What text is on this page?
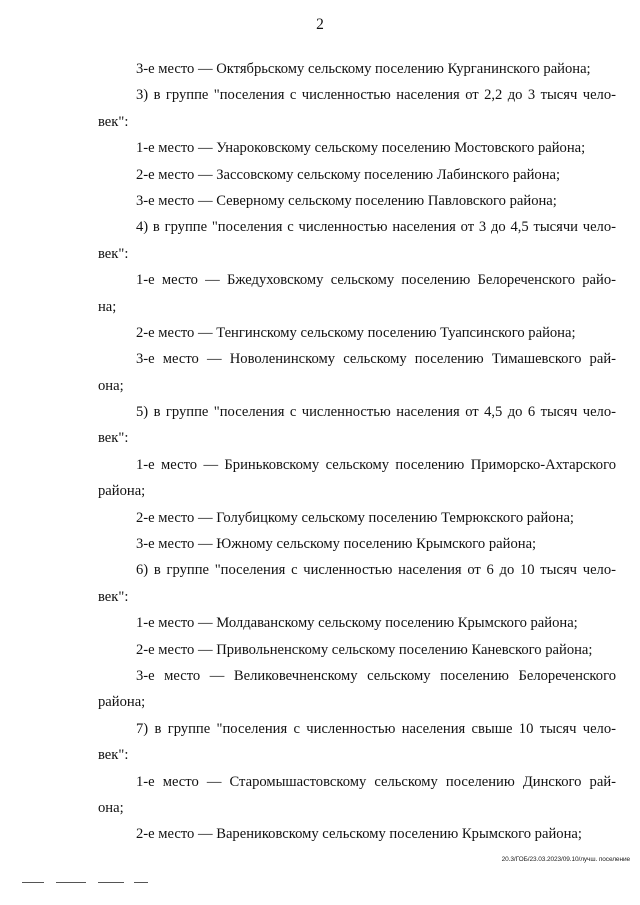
2
3-е место — Октябрьскому сельскому поселению Курганинского района;
3) в группе "поселения с численностью населения от 2,2 до 3 тысяч чело-
век":
1-е место — Унароковскому сельскому поселению Мостовского района;
2-е место — Зассовскому сельскому поселению Лабинского района;
3-е место — Северному сельскому поселению Павловского района;
4) в группе "поселения с численностью населения от 3 до 4,5 тысячи чело-
век":
1-е место — Бжедуховскому сельскому поселению Белореченского райо-
на;
2-е место — Тенгинскому сельскому поселению Туапсинского района;
3-е место — Новоленинскому сельскому поселению Тимашевского рай-
она;
5) в группе "поселения с численностью населения от 4,5 до 6 тысяч чело-
век":
1-е место — Бриньковскому сельскому поселению Приморско-Ахтарского
района;
2-е место — Голубицкому сельскому поселению Темрюкского района;
3-е место — Южному сельскому поселению Крымского района;
6) в группе "поселения с численностью населения от 6 до 10 тысяч чело-
век":
1-е место — Молдаванскому сельскому поселению Крымского района;
2-е место — Привольненскому сельскому поселению Каневского района;
3-е место — Великовечненскому сельскому поселению Белореченского
района;
7) в группе "поселения с численностью населения свыше 10 тысяч чело-
век":
1-е место — Старомышастовскому сельскому поселению Динского рай-
она;
2-е место — Варениковскому сельскому поселению Крымского района;
20.3/ГОБ/23.03.2023/09.10/лучш. поселение
